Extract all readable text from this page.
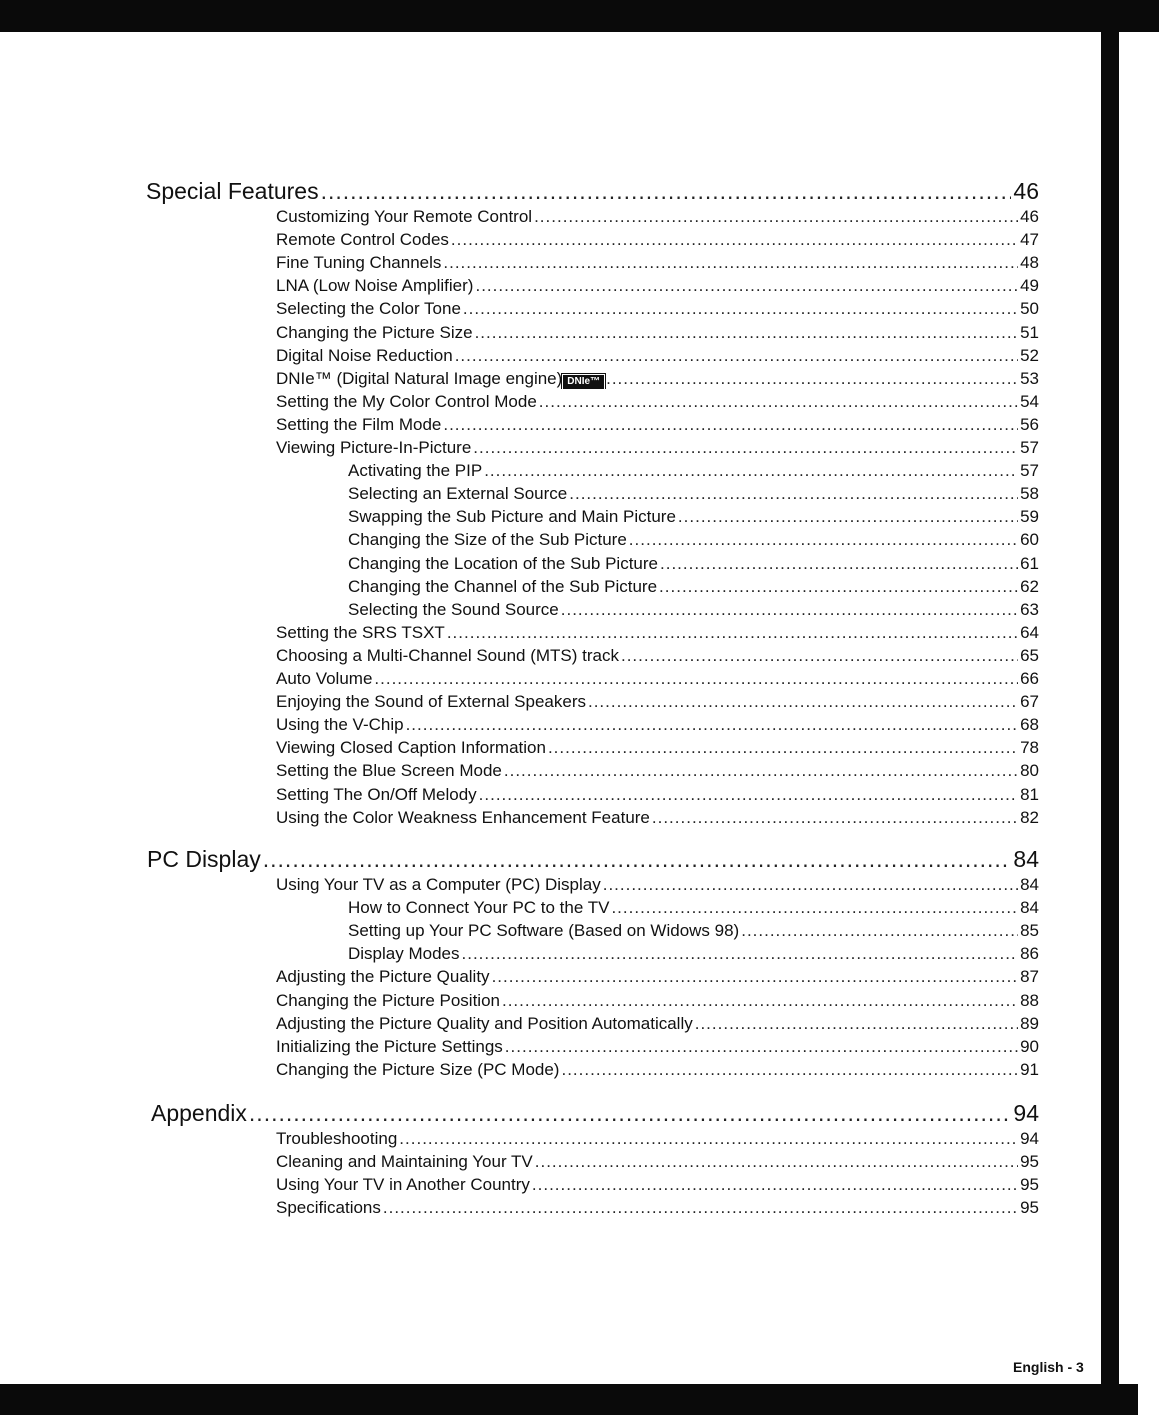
Special Features .....	46
Customizing Your Remote Control .....	46
Remote Control Codes .....	47
Fine Tuning Channels .....	48
LNA (Low Noise Amplifier) .....	49
Selecting the Color Tone .....	50
Changing the Picture Size .....	51
Digital Noise Reduction .....	52
DNIe™ (Digital Natural Image engine) DNIe™ .....	53
Setting the My Color Control Mode .....	54
Setting the Film Mode .....	56
Viewing Picture-In-Picture .....	57
Activating the PIP .....	57
Selecting an External Source .....	58
Swapping the Sub Picture and Main Picture .....	59
Changing the Size of the Sub Picture .....	60
Changing the Location of the Sub Picture .....	61
Changing the Channel of the Sub Picture .....	62
Selecting the Sound Source .....	63
Setting the SRS TSXT .....	64
Choosing a Multi-Channel Sound (MTS) track .....	65
Auto Volume .....	66
Enjoying the Sound of External Speakers .....	67
Using the V-Chip .....	68
Viewing Closed Caption Information .....	78
Setting the Blue Screen Mode .....	80
Setting The On/Off Melody .....	81
Using the Color Weakness Enhancement Feature .....	82
PC Display .....	84
Using Your TV as a Computer (PC) Display .....	84
How to Connect Your PC to the TV .....	84
Setting up Your PC Software (Based on Widows 98) .....	85
Display Modes .....	86
Adjusting the Picture Quality .....	87
Changing the Picture Position .....	88
Adjusting the Picture Quality and Position Automatically .....	89
Initializing the Picture Settings .....	90
Changing the Picture Size (PC Mode) .....	91
Appendix .....	94
Troubleshooting .....	94
Cleaning and Maintaining Your TV .....	95
Using Your TV in Another Country .....	95
Specifications .....	95
English - 3
